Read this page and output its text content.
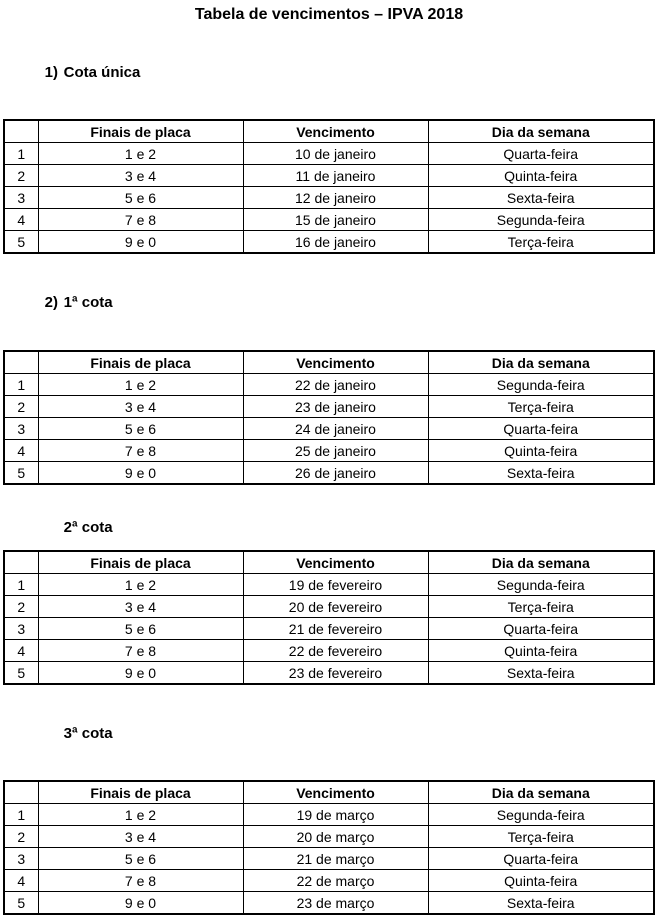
Tabela de vencimentos – IPVA 2018

1) Cota única

	Finais de placa	Vencimento	Dia da semana
1	1 e 2	10 de janeiro	Quarta-feira
2	3 e 4	11 de janeiro	Quinta-feira
3	5 e 6	12 de janeiro	Sexta-feira
4	7 e 8	15 de janeiro	Segunda-feira
5	9 e 0	16 de janeiro	Terça-feira

2) 1ª cota

	Finais de placa	Vencimento	Dia da semana
1	1 e 2	22 de janeiro	Segunda-feira
2	3 e 4	23 de janeiro	Terça-feira
3	5 e 6	24 de janeiro	Quarta-feira
4	7 e 8	25 de janeiro	Quinta-feira
5	9 e 0	26 de janeiro	Sexta-feira

2ª cota

	Finais de placa	Vencimento	Dia da semana
1	1 e 2	19 de fevereiro	Segunda-feira
2	3 e 4	20 de fevereiro	Terça-feira
3	5 e 6	21 de fevereiro	Quarta-feira
4	7 e 8	22 de fevereiro	Quinta-feira
5	9 e 0	23 de fevereiro	Sexta-feira

3ª cota

	Finais de placa	Vencimento	Dia da semana
1	1 e 2	19 de março	Segunda-feira
2	3 e 4	20 de março	Terça-feira
3	5 e 6	21 de março	Quarta-feira
4	7 e 8	22 de março	Quinta-feira
5	9 e 0	23 de março	Sexta-feira
